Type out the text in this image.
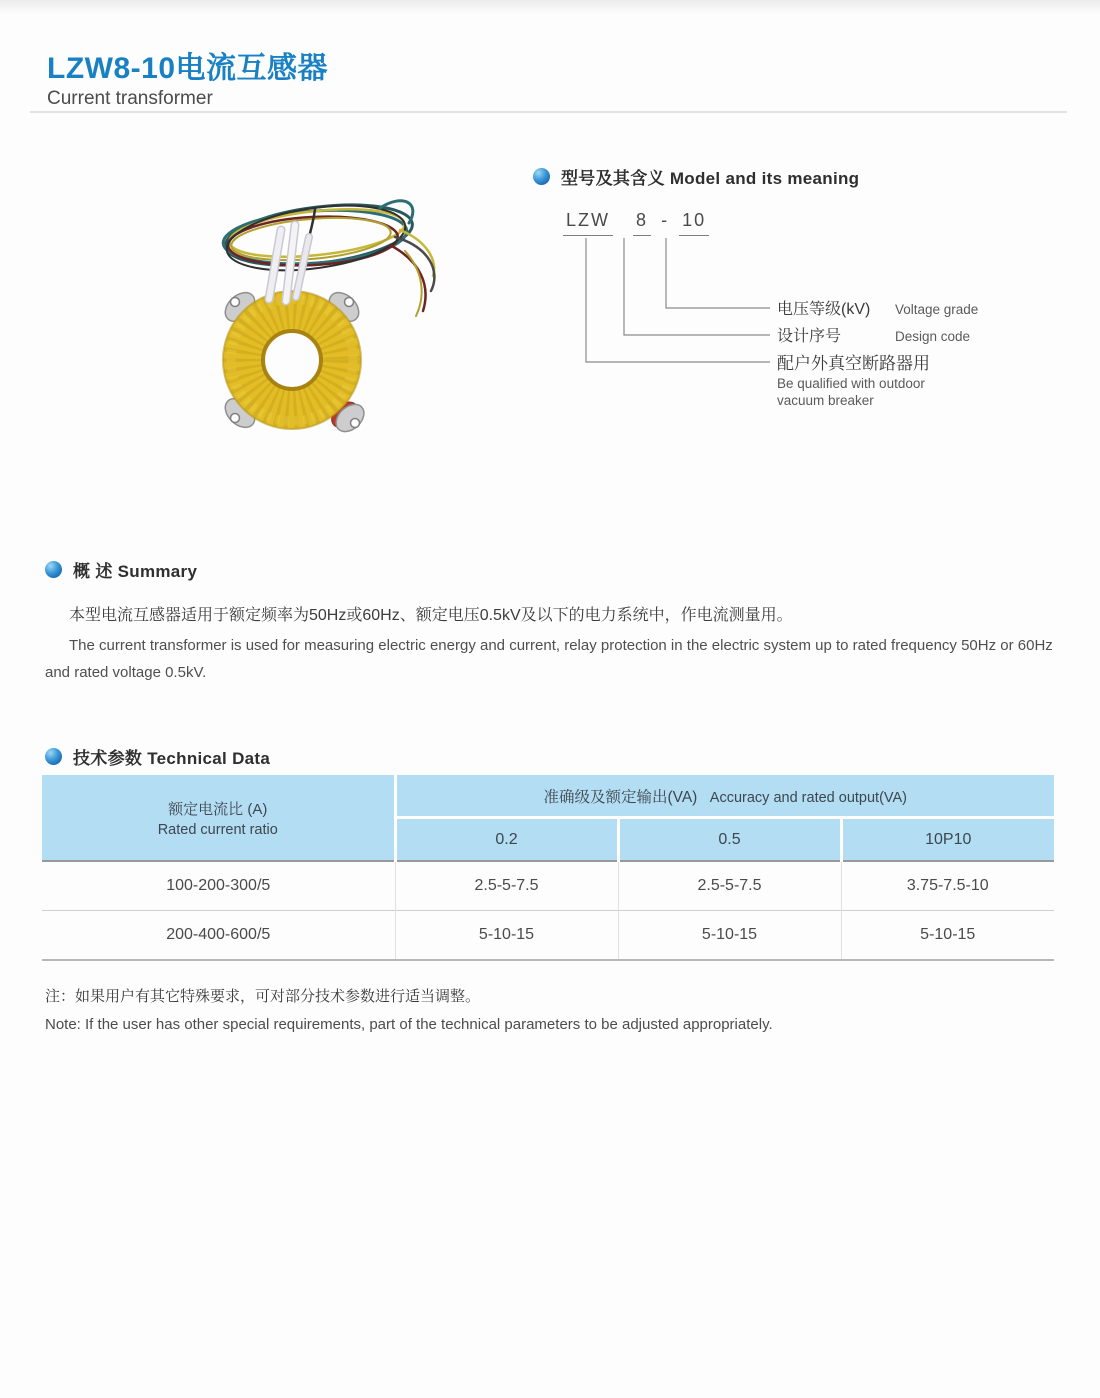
LZW8-10电流互感器
Current transformer
型号及其含义 Model and its meaning
LZW 8 - 10
电压等级(kV)	Voltage grade
设计序号	Design code
配户外真空断路器用
Be qualified with outdoor
vacuum breaker
概 述 Summary

本型电流互感器适用于额定频率为50Hz或60Hz、额定电压0.5kV及以下的电力系统中，作电流测量用。

The current transformer is used for measuring electric energy and current, relay protection in the electric system up to rated frequency 50Hz or 60Hz and rated voltage 0.5kV.

技术参数 Technical Data
额定电流比 (A)
Rated current ratio	准确级及额定输出(VA) Accuracy and rated output(VA)		
	0.2	0.5	10P10
100-200-300/5	2.5-5-7.5	2.5-5-7.5	3.75-7.5-10
200-400-600/5	5-10-15	5-10-15	5-10-15
注：如果用户有其它特殊要求，可对部分技术参数进行适当调整。
Note: If the user has other special requirements, part of the technical parameters to be adjusted appropriately.
